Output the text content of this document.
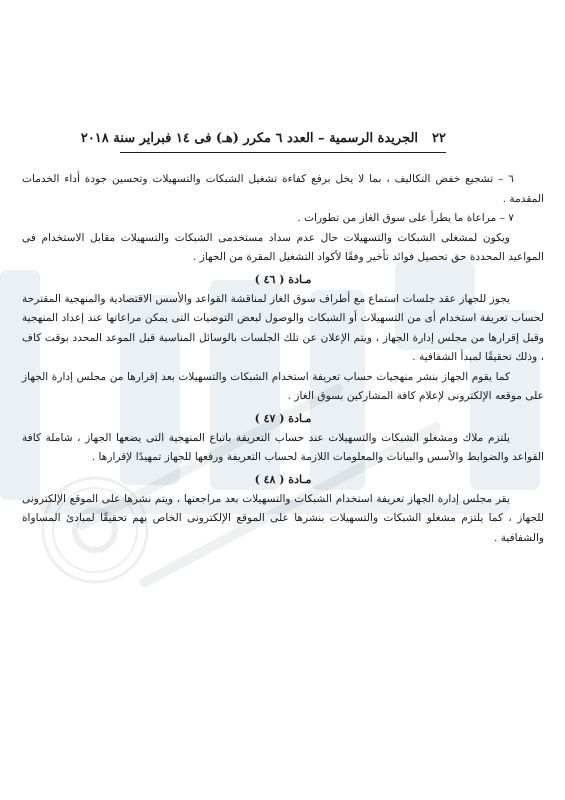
٢٢
الجريدة الرسمية – العدد ٦ مكرر (هـ) فى ١٤ فبراير سنة ٢٠١٨

٦ – تشجيع خفض التكاليف ، بما لا يخل برفع كفاءة تشغيل الشبكات والتسهيلات وتحسين جودة أداء الخدمات المقدمة .

٧ – مراعاة ما يطرأ على سوق الغاز من تطورات .

ويكون لمشغلى الشبكات والتسهيلات حال عدم سداد مستخدمى الشبكات والتسهيلات مقابل الاستخدام فى المواعيد المحددة حق تحصيل فوائد تأخير وفقًا لأكواد التشغيل المقرة من الجهاز .

مـادة ( ٤٦ )

يجوز للجهاز عقد جلسات استماع مع أطراف سوق الغاز لمناقشة القواعد والأسس الاقتصادية والمنهجية المقترحة لحساب تعريفة استخدام أى من التسهيلات أو الشبكات والوصول لبعض التوصيات التى يمكن مراعاتها عند إعداد المنهجية وقبل إقرارها من مجلس إدارة الجهاز ، ويتم الإعلان عن تلك الجلسات بالوسائل المناسبة قبل الموعد المحدد بوقت كاف ، وذلك تحقيقًا لمبدأ الشفافية .

كما يقوم الجهاز بنشر منهجيات حساب تعريفة استخدام الشبكات والتسهيلات بعد إقرارها من مجلس إدارة الجهاز على موقعه الإلكترونى لإعلام كافة المشاركين بسوق الغاز .

مـادة ( ٤٧ )

يلتزم ملاك ومشغلو الشبكات والتسهيلات عند حساب التعريفة باتباع المنهجية التى يضعها الجهاز ، شاملة كافة القواعد والضوابط والأسس والبيانات والمعلومات اللازمة لحساب التعريفة ورفعها للجهاز تمهيدًا لإقرارها .

مـادة ( ٤٨ )

يقر مجلس إدارة الجهاز تعريفة استخدام الشبكات والتسهيلات بعد مراجعتها ، ويتم نشرها على الموقع الإلكترونى للجهاز ، كما يلتزم مشغلو الشبكات والتسهيلات بنشرها على الموقع الإلكترونى الخاص بهم تحقيقًا لمبادئ المساواة والشفافية .
